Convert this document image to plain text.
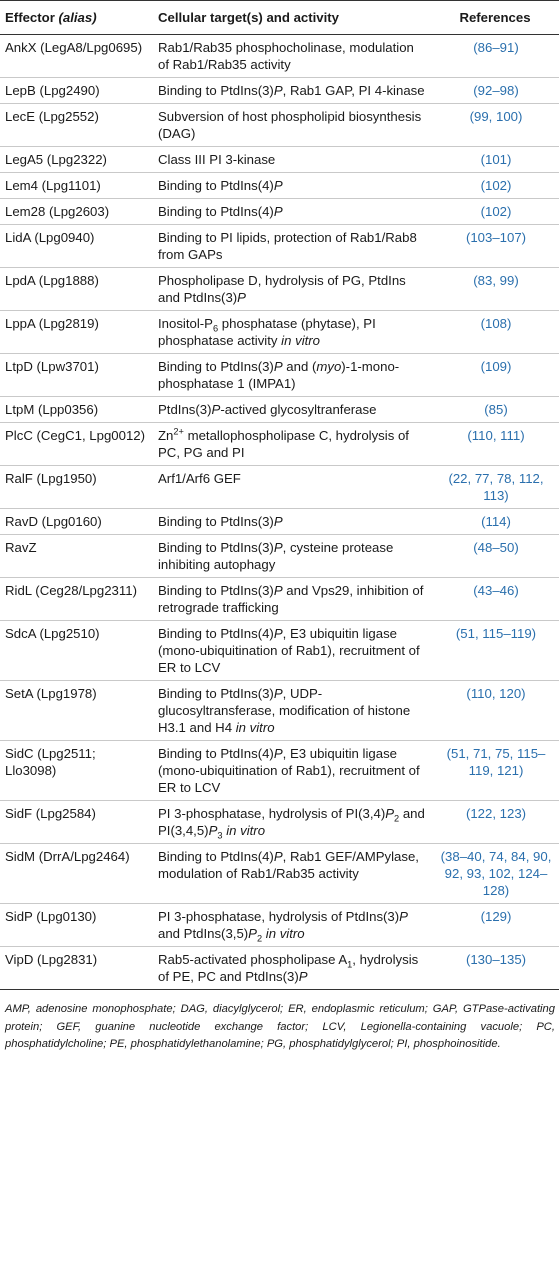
Effector (alias)	Cellular target(s) and activity	References
AnkX (LegA8/Lpg0695)	Rab1/Rab35 phosphocholinase, modulation of Rab1/Rab35 activity	(86–91)
LepB (Lpg2490)	Binding to PtdIns(3)P, Rab1 GAP, PI 4-kinase	(92–98)
LecE (Lpg2552)	Subversion of host phospholipid biosynthesis (DAG)	(99, 100)
LegA5 (Lpg2322)	Class III PI 3-kinase	(101)
Lem4 (Lpg1101)	Binding to PtdIns(4)P	(102)
Lem28 (Lpg2603)	Binding to PtdIns(4)P	(102)
LidA (Lpg0940)	Binding to PI lipids, protection of Rab1/Rab8 from GAPs	(103–107)
LpdA (Lpg1888)	Phospholipase D, hydrolysis of PG, PtdIns and PtdIns(3)P	(83, 99)
LppA (Lpg2819)	Inositol-$P_6$ phosphatase (phytase), PI phosphatase activity in vitro	(108)
LtpD (Lpw3701)	Binding to PtdIns(3)P and (myo)-1-mono-phosphatase 1 (IMPA1)	(109)
LtpM (Lpp0356)	PtdIns(3)P-actived glycosyltranferase	(85)
PlcC (CegC1, Lpg0012)	$Zn^{2+}$ metallophospholipase C, hydrolysis of PC, PG and PI	(110, 111)
RalF (Lpg1950)	Arf1/Arf6 GEF	(22, 77, 78, 112, 113)
RavD (Lpg0160)	Binding to PtdIns(3)P	(114)
RavZ	Binding to PtdIns(3)P, cysteine protease inhibiting autophagy	(48–50)
RidL (Ceg28/Lpg2311)	Binding to PtdIns(3)P and Vps29, inhibition of retrograde trafficking	(43–46)
SdcA (Lpg2510)	Binding to PtdIns(4)P, E3 ubiquitin ligase (mono-ubiquitination of Rab1), recruitment of ER to LCV	(51, 115–119)
SetA (Lpg1978)	Binding to PtdIns(3)P, UDP-glucosyltransferase, modification of histone H3.1 and H4 in vitro	(110, 120)
SidC (Lpg2511; Llo3098)	Binding to PtdIns(4)P, E3 ubiquitin ligase (mono-ubiquitination of Rab1), recruitment of ER to LCV	(51, 71, 75, 115–119, 121)
SidF (Lpg2584)	PI 3-phosphatase, hydrolysis of $PI(3,4)P_2$ and $PI(3,4,5)P_3$ in vitro	(122, 123)
SidM (DrrA/Lpg2464)	Binding to PtdIns(4)P, Rab1 GEF/AMPylase, modulation of Rab1/Rab35 activity	(38–40, 74, 84, 90, 92, 93, 102, 124–128)
SidP (Lpg0130)	PI 3-phosphatase, hydrolysis of PtdIns(3)P and $PtdIns(3,5)P_2$ in vitro	(129)
VipD (Lpg2831)	Rab5-activated phospholipase $A_1$, hydrolysis of PE, PC and PtdIns(3)P	(130–135)
AMP, adenosine monophosphate; DAG, diacylglycerol; ER, endoplasmic reticulum; GAP, GTPase-activating protein; GEF, guanine nucleotide exchange factor; LCV, Legionella-containing vacuole; PC, phosphatidylcholine; PE, phosphatidylethanolamine; PG, phosphatidylglycerol; PI, phosphoinositide.
